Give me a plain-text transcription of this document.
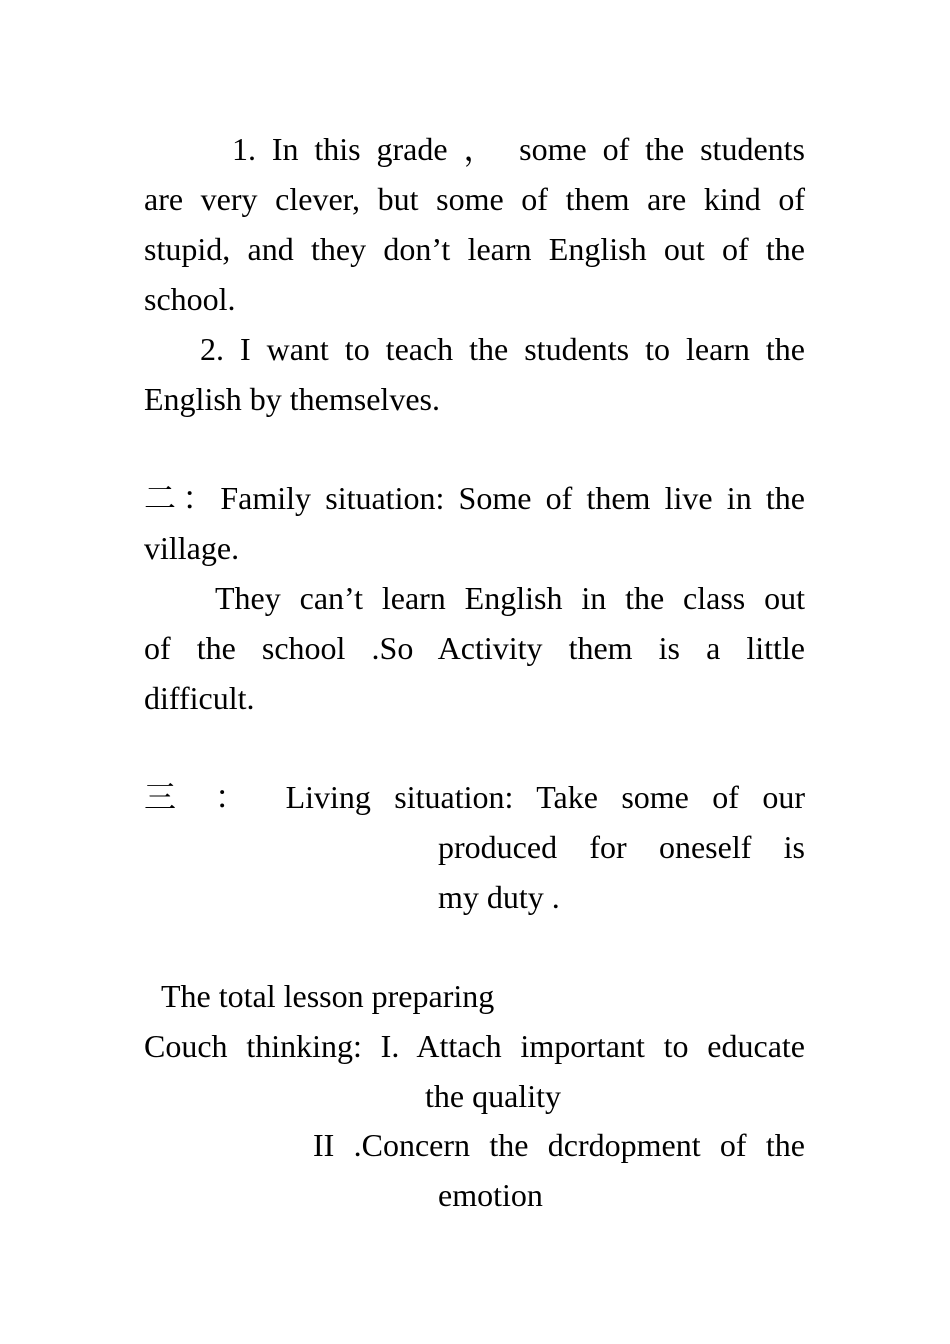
1. In this grade ， some of the students

are very clever, but some of them are kind of

stupid, and they don’t learn English out of the

school.

2. I want to teach the students to learn the

English by themselves.

二：Family situation: Some of them live in the

village.

They can’t learn English in the class out

of the school .So Activity them is a little

difficult.

三 ： Living situation: Take some of our

produced for oneself is

my duty .

The total lesson preparing

Couch thinking: I. Attach important to educate

the quality

II .Concern the dcrdopment of the

emotion
